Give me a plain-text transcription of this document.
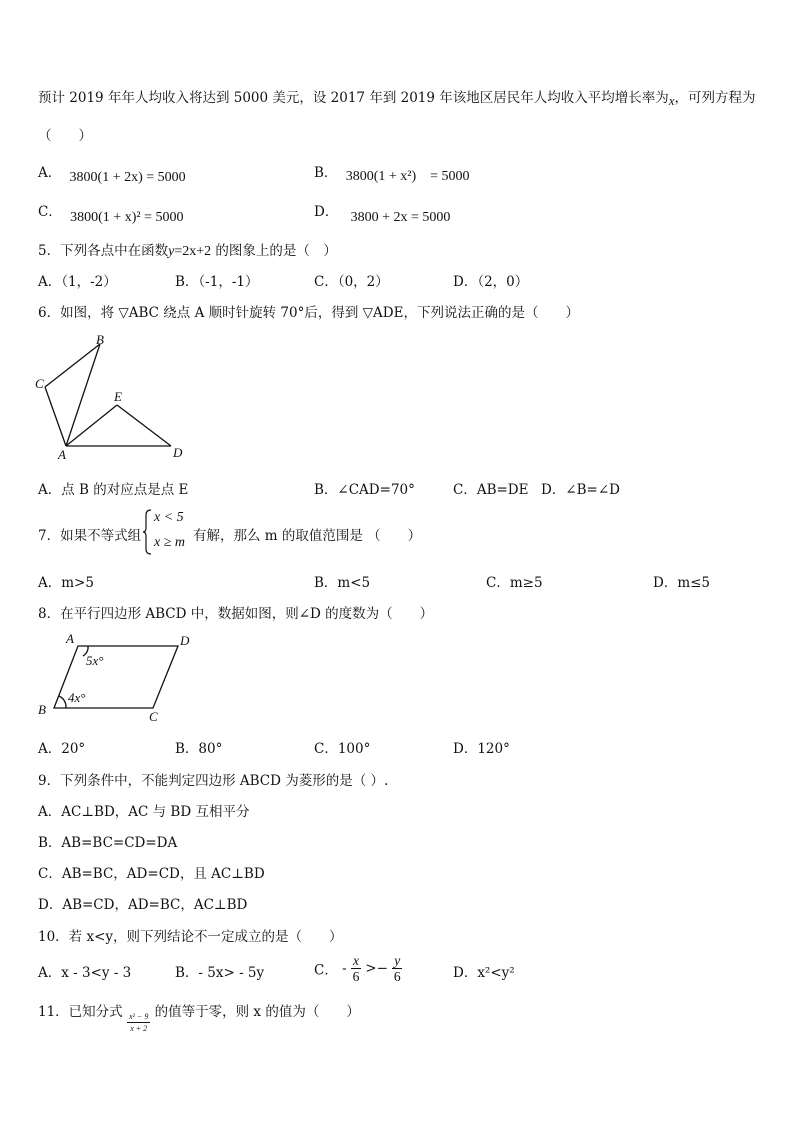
预计 2019 年年人均收入将达到 5000 美元，设 2017 年到 2019 年该地区居民年人均收入平均增长率为x，可列方程为
（　　）
A． 3800(1 + 2x) = 5000	B． 3800(1 + x²)　= 5000
C． 3800(1 + x)² = 5000	D． 3800 + 2x = 5000
5．下列各点中在函数y=2x+2 的图象上的是（　）
A．（1，-2）	B．（-1，-1）	C．（0，2）	D．（2，0）
6．如图，将 ▽ABC 绕点 A 顺时针旋转 70°后，得到 ▽ADE，下列说法正确的是（　　）
B
C
E
A	D
A．点 B 的对应点是点 E	B．∠CAD=70°	C．AB=DE D．∠B=∠D
7．如果不等式组
x < 5
x ≥ m 有解，那么 m 的取值范围是 （　　）
A．m>5	B．m<5	C．m≥5	D．m≤5
8．在平行四边形 ABCD 中，数据如图，则∠D 的度数为（　　）
A	D
B	C
5x°
4x°
A．20°	B．80°	C．100°	D．120°
9．下列条件中，不能判定四边形 ABCD 为菱形的是（ ）.
A．AC⊥BD，AC 与 BD 互相平分
B．AB=BC=CD=DA
C．AB=BC，AD=CD，且 AC⊥BD
D．AB=CD，AD=BC，AC⊥BD
10．若 x<y，则下列结论不一定成立的是（　　）
A．x - 3<y - 3	B．- 5x> - 5y	C． - $\frac{x}{6} >- \frac{y}{6}$	D．x²<y²
11．已知分式 $\frac{\text{x² − 9}}{x + 2}$ 的值等于零，则 x 的值为（　　）
